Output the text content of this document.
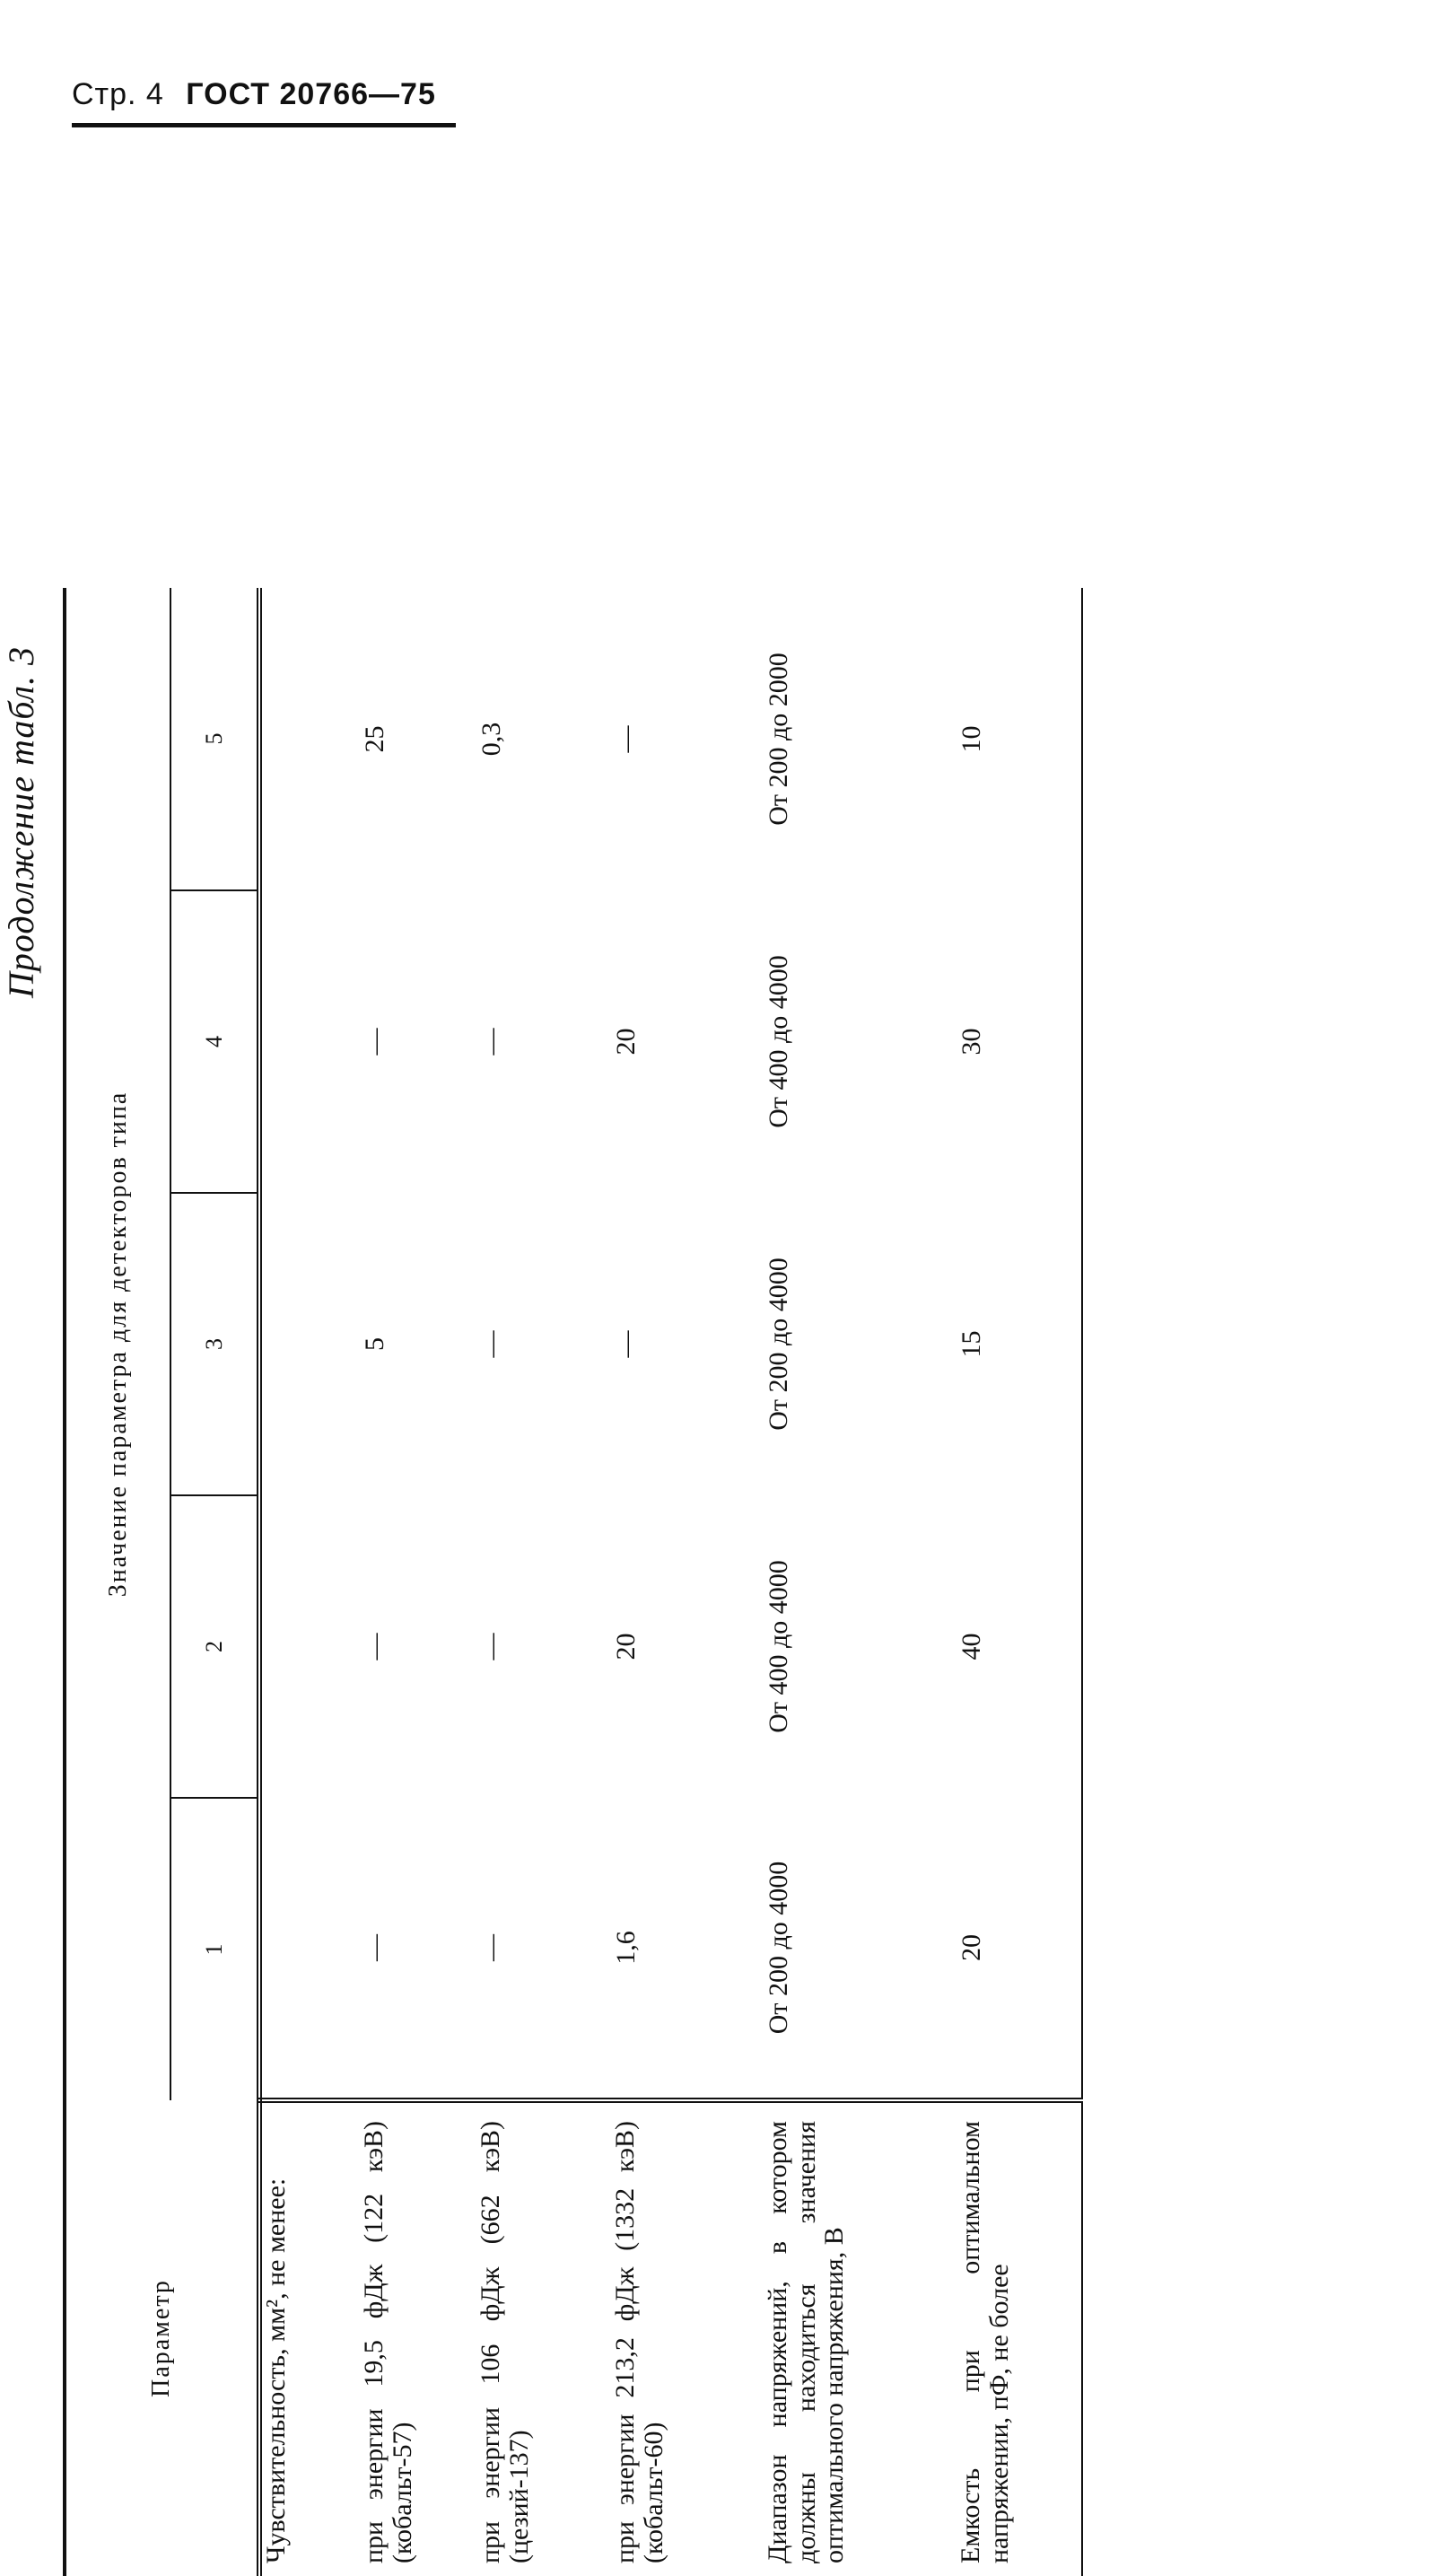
Стр. 4 ГОСТ 20766—75
Продолжение табл. 3
Параметр	Значение параметра для детекторов типа				
	1	2	3	4	5
Чувствительность, мм², не менее:					
при энергии 19,5 фДж (122 кэВ) (кобальт-57)	—	—	5	—	25
при энергии 106 фДж (662 кэВ) (цезий-137)	—	—	—	—	0,3
при энергии 213,2 фДж (1332 кэВ) (кобальт-60)	1,6	20	—	20	—
Диапазон напряжений, в котором должны находиться значения оптимального напряжения, В	От 200 до 4000	От 400 до 4000	От 200 до 4000	От 400 до 4000	От 200 до 2000
Емкость при оптимальном напряжении, пФ, не более	20	40	15	30	10
